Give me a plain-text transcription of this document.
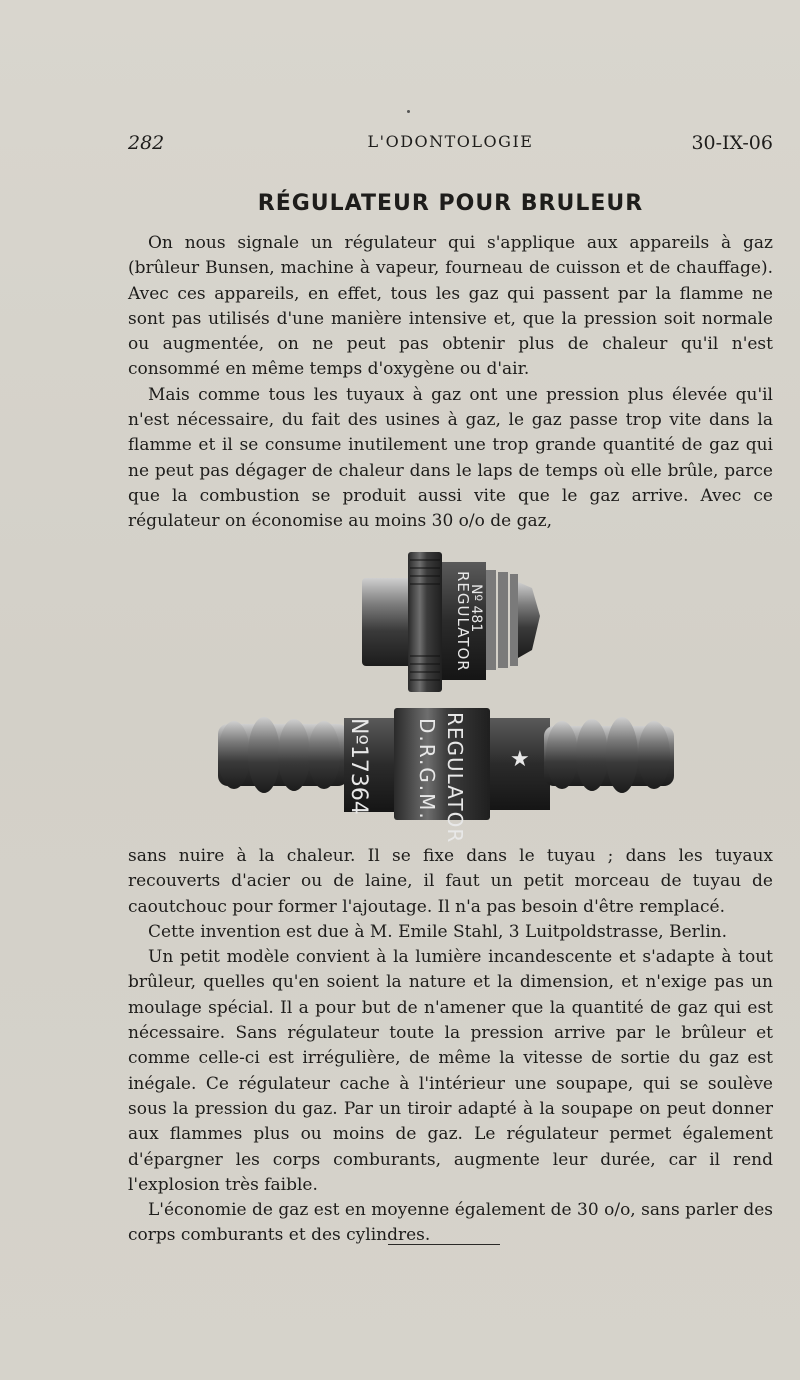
282	L'ODONTOLOGIE	30-IX-06
RÉGULATEUR POUR BRULEUR

On nous signale un régulateur qui s'applique aux appareils à gaz (brûleur Bunsen, machine à vapeur, fourneau de cuisson et de chauffage). Avec ces appareils, en effet, tous les gaz qui passent par la flamme ne sont pas utilisés d'une manière intensive et, que la pression soit normale ou augmentée, on ne peut pas obtenir plus de chaleur qu'il n'est consommé en même temps d'oxygène ou d'air.

Mais comme tous les tuyaux à gaz ont une pression plus élevée qu'il n'est nécessaire, du fait des usines à gaz, le gaz passe trop vite dans la flamme et il se consume inutilement une trop grande quantité de gaz qui ne peut pas dégager de chaleur dans le laps de temps où elle brûle, parce que la combustion se produit aussi vite que le gaz arrive. Avec ce régulateur on économise au moins 30 o/o de gaz,

REGULATOR
Nº 481
Nº17364	REGULATOR
D.R.G.M.	★

sans nuire à la chaleur. Il se fixe dans le tuyau ; dans les tuyaux recouverts d'acier ou de laine, il faut un petit morceau de tuyau de caoutchouc pour former l'ajoutage. Il n'a pas besoin d'être remplacé.

Cette invention est due à M. Emile Stahl, 3 Luitpoldstrasse, Berlin.

Un petit modèle convient à la lumière incandescente et s'adapte à tout brûleur, quelles qu'en soient la nature et la dimension, et n'exige pas un moulage spécial. Il a pour but de n'amener que la quantité de gaz qui est nécessaire. Sans régulateur toute la pression arrive par le brûleur et comme celle-ci est irrégulière, de même la vitesse de sortie du gaz est inégale. Ce régulateur cache à l'intérieur une soupape, qui se soulève sous la pression du gaz. Par un tiroir adapté à la soupape on peut donner aux flammes plus ou moins de gaz. Le régulateur permet également d'épargner les corps comburants, augmente leur durée, car il rend l'explosion très faible.

L'économie de gaz est en moyenne également de 30 o/o, sans parler des corps comburants et des cylindres.
